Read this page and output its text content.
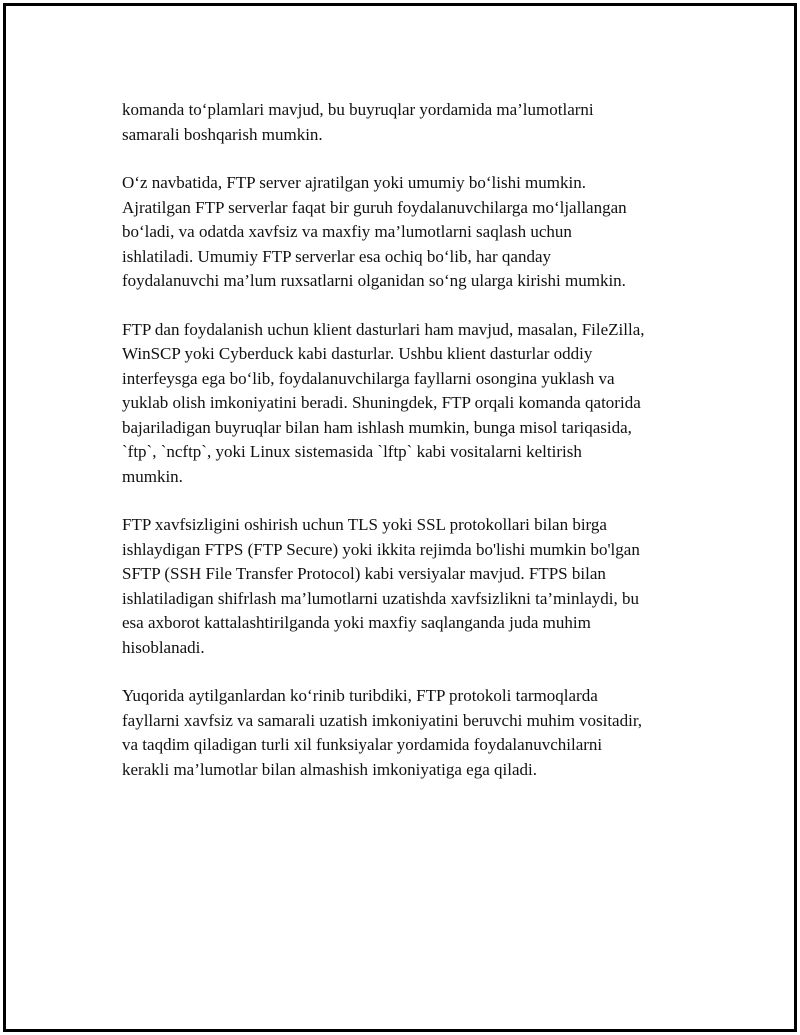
komanda to‘plamlari mavjud, bu buyruqlar yordamida ma’lumotlarni
samarali boshqarish mumkin.

O‘z navbatida, FTP server ajratilgan yoki umumiy bo‘lishi mumkin.
Ajratilgan FTP serverlar faqat bir guruh foydalanuvchilarga mo‘ljallangan
bo‘ladi, va odatda xavfsiz va maxfiy ma’lumotlarni saqlash uchun
ishlatiladi. Umumiy FTP serverlar esa ochiq bo‘lib, har qanday
foydalanuvchi ma’lum ruxsatlarni olganidan so‘ng ularga kirishi mumkin.

FTP dan foydalanish uchun klient dasturlari ham mavjud, masalan, FileZilla,
WinSCP yoki Cyberduck kabi dasturlar. Ushbu klient dasturlar oddiy
interfeysga ega bo‘lib, foydalanuvchilarga fayllarni osongina yuklash va
yuklab olish imkoniyatini beradi. Shuningdek, FTP orqali komanda qatorida
bajariladigan buyruqlar bilan ham ishlash mumkin, bunga misol tariqasida,
`ftp`, `ncftp`, yoki Linux sistemasida `lftp` kabi vositalarni keltirish
mumkin.

FTP xavfsizligini oshirish uchun TLS yoki SSL protokollari bilan birga
ishlaydigan FTPS (FTP Secure) yoki ikkita rejimda bo'lishi mumkin bo'lgan
SFTP (SSH File Transfer Protocol) kabi versiyalar mavjud. FTPS bilan
ishlatiladigan shifrlash ma’lumotlarni uzatishda xavfsizlikni ta’minlaydi, bu
esa axborot kattalashtirilganda yoki maxfiy saqlanganda juda muhim
hisoblanadi.

Yuqorida aytilganlardan ko‘rinib turibdiki, FTP protokoli tarmoqlarda
fayllarni xavfsiz va samarali uzatish imkoniyatini beruvchi muhim vositadir,
va taqdim qiladigan turli xil funksiyalar yordamida foydalanuvchilarni
kerakli ma’lumotlar bilan almashish imkoniyatiga ega qiladi.
